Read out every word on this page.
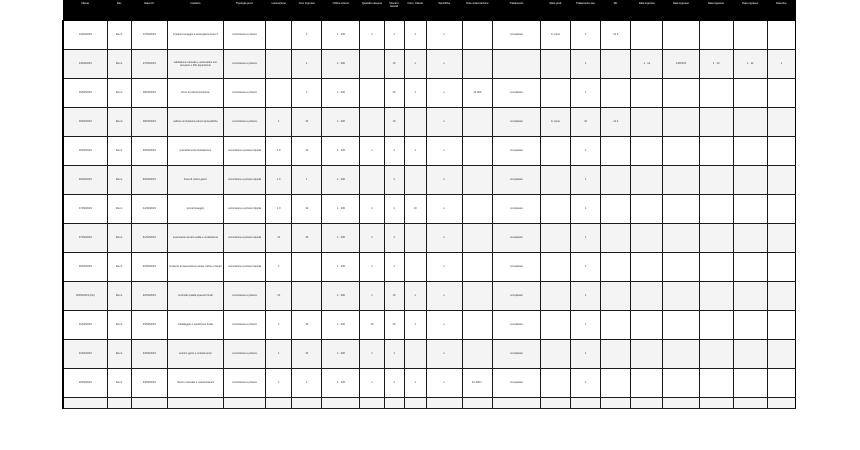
Cliente	Rev	Data Ult.	Impianto	Tipologia prod.	Lavorazione	Cod. Ingresso	Ordine interno	Quantità cassone	Numero bancali	Cons. Cliente	Specifiche	Note di lavorazione	Trattamento	Stato prod.	Trattamento sup.	Rif.	Data ingresso	Data ingresso	Data ingresso	Data ingresso	Data fine
14/03/2023	Rev.1	17/03/2023	impianto lavaggio e asciugatura linea 3	verniciatura a polvere		1	1 · 230	1	1	1	n.		completato	in corso	1	12.4					
14/03/2023	Rev.1	17/03/2023	sabbiatura manuale e automatica con recupero e filtri aspirazione	verniciatura a polvere		1	1 · 230		10	1	n.				1		1 · 14	14/03/23	1 · 10	1 · 12	1
15/03/2023	Rev.2	18/03/2023	forno di polimerizzazione	verniciatura a polvere		1	1 · 230		10	1	n.	12.400	completato		1						
15/03/2023	Rev.2	18/03/2023	cabina verniciatura polveri epossidiche	verniciatura a polvere	1	10	1 · 230		10		n.		completato	in corso	10	12.4					
16/03/2023	Rev.1	20/03/2023	pretrattamento fosfatazione	verniciatura a polvere liquida	1.0	10	1 · 230	1	1	1	n.		completato		1						
16/03/2023	Rev.1	20/03/2023	linea di carico ganci	verniciatura a polvere liquida	1.0	1	1 · 230		1		n.		completato		1						
17/03/2023	Rev.1	21/03/2023	tunnel lavaggio	verniciatura a polvere liquida	1.0	10	1 · 230	1	1	10	n.		completato		1						
17/03/2023	Rev.1	21/03/2023	essiccatoio ad aria calda e ventilazione	verniciatura a polvere liquida	10	10	1 · 230	1	1		n.		completato		1						
20/03/2023	Rev.1	22/03/2023	impianto di depurazione acque reflue e fanghi	verniciatura a polvere liquida	1		1 · 230	1	1		n.		completato		1						
20/03/2023 (bis)	Rev.1	22/03/2023	controllo qualità spessori finali	verniciatura a polvere	10		1 · 230	1	10	1	n.		completato		1						
21/03/2023	Rev.1	23/03/2023	imballaggio e spedizione finale	verniciatura a polvere	1	10	1 · 230	10	10	1	n.		completato		1						
21/03/2023	Rev.1	23/03/2023	scarico ganci e smistamento	verniciatura a polvere	1	10	1 · 230	1	1		n.		completato		1						
22/03/2023	Rev.1	24/03/2023	ritocco manuale e mascheratura	verniciatura a polvere	1	1	1 · 230	1	1	1	n.	12.400 n.	completato		1						
